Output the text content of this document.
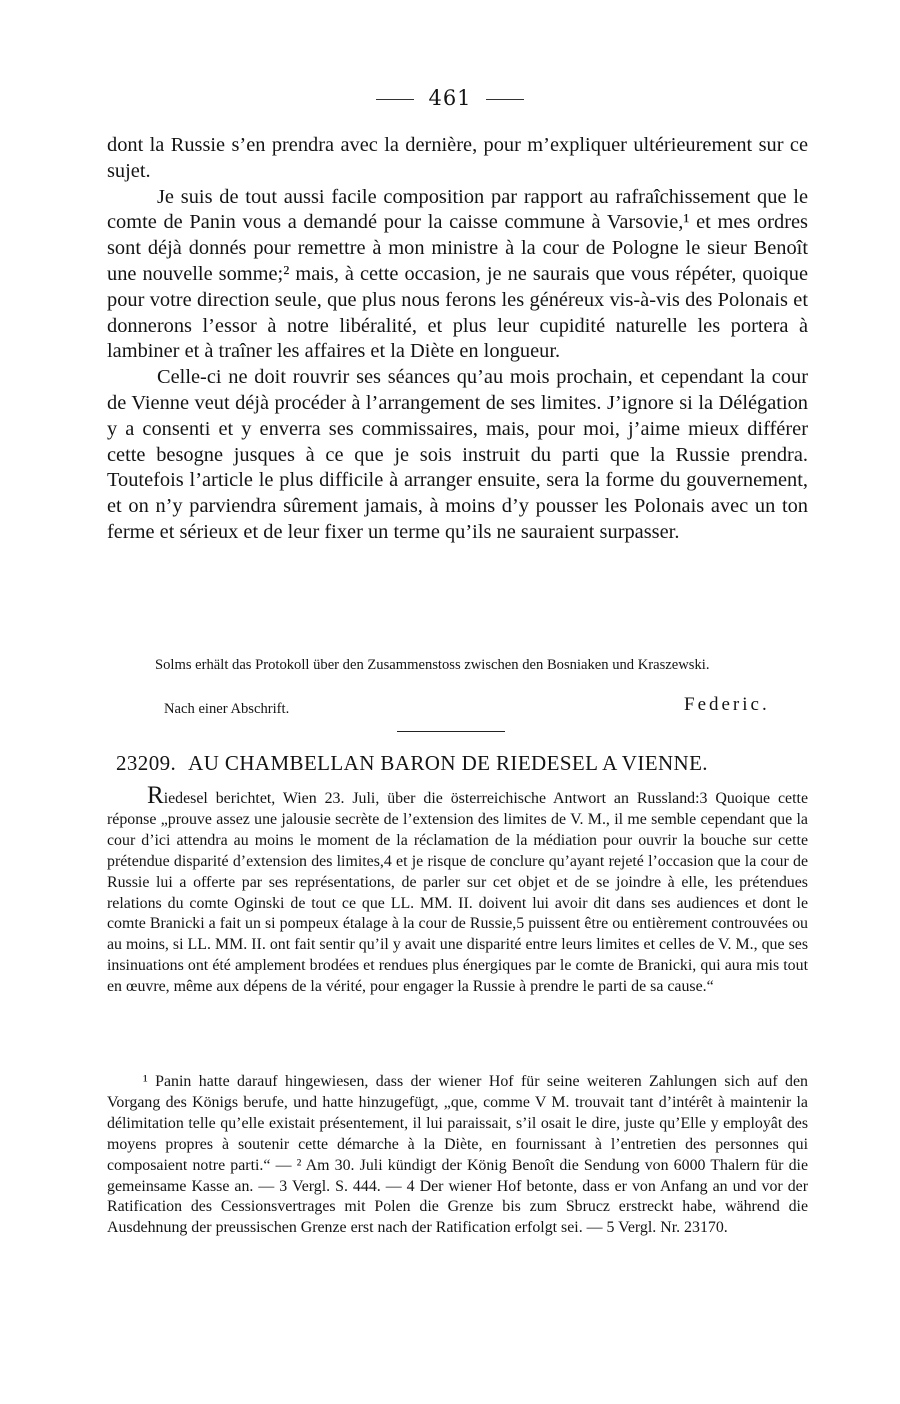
461

dont la Russie s’en prendra avec la dernière, pour m’expliquer ultérieurement sur ce sujet.

Je suis de tout aussi facile composition par rapport au rafraîchissement que le comte de Panin vous a demandé pour la caisse commune à Varsovie,¹ et mes ordres sont déjà donnés pour remettre à mon ministre à la cour de Pologne le sieur Benoît une nouvelle somme;² mais, à cette occasion, je ne saurais que vous répéter, quoique pour votre direction seule, que plus nous ferons les généreux vis-à-vis des Polonais et donnerons l’essor à notre libéralité, et plus leur cupidité naturelle les portera à lambiner et à traîner les affaires et la Diète en longueur.

Celle-ci ne doit rouvrir ses séances qu’au mois prochain, et cependant la cour de Vienne veut déjà procéder à l’arrangement de ses limites. J’ignore si la Délégation y a consenti et y enverra ses commissaires, mais, pour moi, j’aime mieux différer cette besogne jusques à ce que je sois instruit du parti que la Russie prendra. Toutefois l’article le plus difficile à arranger ensuite, sera la forme du gouvernement, et on n’y parviendra sûrement jamais, à moins d’y pousser les Polonais avec un ton ferme et sérieux et de leur fixer un terme qu’ils ne sauraient surpasser.

Solms erhält das Protokoll über den Zusammenstoss zwischen den Bosniaken und Kraszewski.
Nach einer Abschrift.	Federic.
23209. AU CHAMBELLAN BARON DE RIEDESEL A VIENNE.
Riedesel berichtet, Wien 23. Juli, über die österreichische Antwort an Russland:3 Quoique cette réponse „prouve assez une jalousie secrète de l’extension des limites de V. M., il me semble cependant que la cour d’ici attendra au moins le moment de la réclamation de la médiation pour ouvrir la bouche sur cette prétendue disparité d’extension des limites,4 et je risque de conclure qu’ayant rejeté l’occasion que la cour de Russie lui a offerte par ses représentations, de parler sur cet objet et de se joindre à elle, les prétendues relations du comte Oginski de tout ce que LL. MM. II. doivent lui avoir dit dans ses audiences et dont le comte Branicki a fait un si pompeux étalage à la cour de Russie,5 puissent être ou entièrement controuvées ou au moins, si LL. MM. II. ont fait sentir qu’il y avait une disparité entre leurs limites et celles de V. M., que ses insinuations ont été amplement brodées et rendues plus énergiques par le comte de Branicki, qui aura mis tout en œuvre, même aux dépens de la vérité, pour engager la Russie à prendre le parti de sa cause.“

¹ Panin hatte darauf hingewiesen, dass der wiener Hof für seine weiteren Zahlungen sich auf den Vorgang des Königs berufe, und hatte hinzugefügt, „que, comme V M. trouvait tant d’intérêt à maintenir la délimitation telle qu’elle existait présentement, il lui paraissait, s’il osait le dire, juste qu’Elle y employât des moyens propres à soutenir cette démarche à la Diète, en fournissant à l’entretien des personnes qui composaient notre parti.“ — ² Am 30. Juli kündigt der König Benoît die Sendung von 6000 Thalern für die gemeinsame Kasse an. — 3 Vergl. S. 444. — 4 Der wiener Hof betonte, dass er von Anfang an und vor der Ratification des Cessionsvertrages mit Polen die Grenze bis zum Sbrucz erstreckt habe, während die Ausdehnung der preussischen Grenze erst nach der Ratification erfolgt sei. — 5 Vergl. Nr. 23170.
